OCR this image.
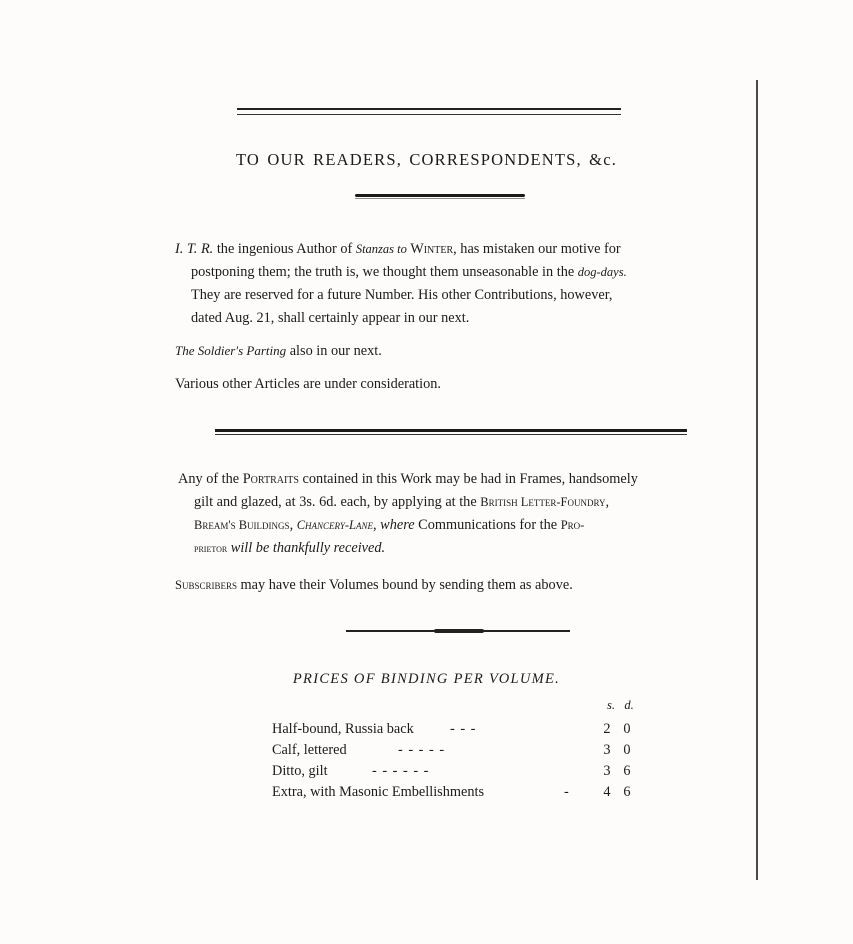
TO OUR READERS, CORRESPONDENTS, &c.
I. T. R. the ingenious Author of Stanzas to Winter, has mistaken our motive for
postponing them; the truth is, we thought them unseasonable in the dog-days.
They are reserved for a future Number. His other Contributions, however,
dated Aug. 21, shall certainly appear in our next.
The Soldier's Parting also in our next.
Various other Articles are under consideration.
Any of the Portraits contained in this Work may be had in Frames, handsomely
gilt and glazed, at 3s. 6d. each, by applying at the British Letter-Foundry,
Bream's Buildings, Chancery-Lane, where Communications for the Pro-
prietor will be thankfully received.
Subscribers may have their Volumes bound by sending them as above.
PRICES OF BINDING PER VOLUME.
s. d.
Half-bound, Russia back	- - -	2 0
Calf, lettered	- - - - -	3 0
Ditto, gilt	- - - - - -	3 6
Extra, with Masonic Embellishments	- 4 6
